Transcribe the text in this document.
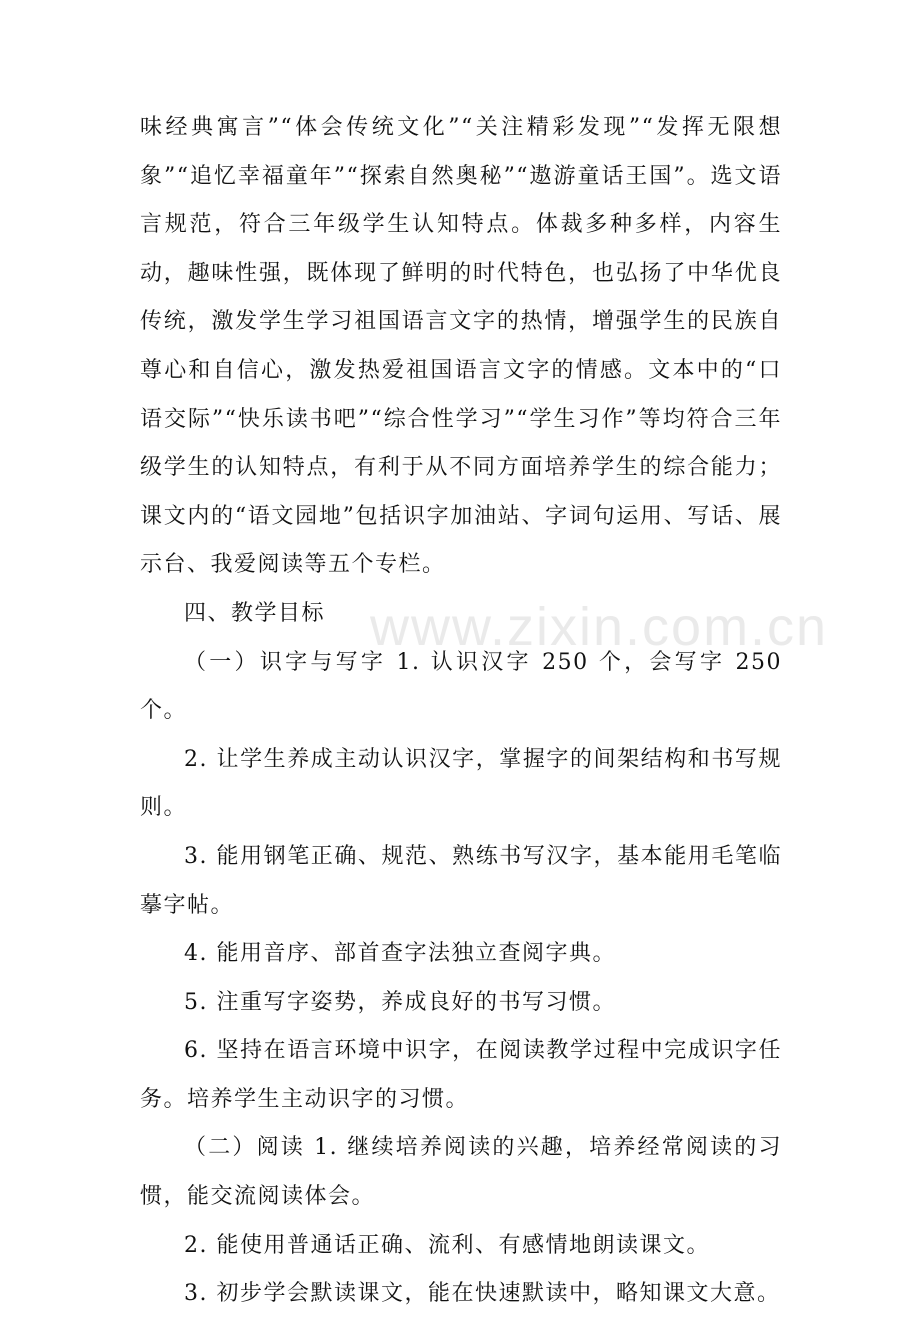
味经典寓言”“体会传统文化”“关注精彩发现”“发挥无限想象”“追忆幸福童年”“探索自然奥秘”“遨游童话王国”。选文语言规范，符合三年级学生认知特点。体裁多种多样，内容生动，趣味性强，既体现了鲜明的时代特色，也弘扬了中华优良传统，激发学生学习祖国语言文字的热情，增强学生的民族自尊心和自信心，激发热爱祖国语言文字的情感。文本中的“口语交际”“快乐读书吧”“综合性学习”“学生习作”等均符合三年级学生的认知特点，有利于从不同方面培养学生的综合能力；课文内的“语文园地”包括识字加油站、字词句运用、写话、展示台、我爱阅读等五个专栏。

四、教学目标

（一）识字与写字 1. 认识汉字 250 个，会写字 250 个。

2. 让学生养成主动认识汉字，掌握字的间架结构和书写规则。

3. 能用钢笔正确、规范、熟练书写汉字，基本能用毛笔临摹字帖。

4. 能用音序、部首查字法独立查阅字典。

5. 注重写字姿势，养成良好的书写习惯。

6. 坚持在语言环境中识字，在阅读教学过程中完成识字任务。培养学生主动识字的习惯。

（二）阅读 1. 继续培养阅读的兴趣，培养经常阅读的习惯，能交流阅读体会。

2. 能使用普通话正确、流利、有感情地朗读课文。

3. 初步学会默读课文，能在快速默读中，略知课文大意。

www.zixin.com.cn
